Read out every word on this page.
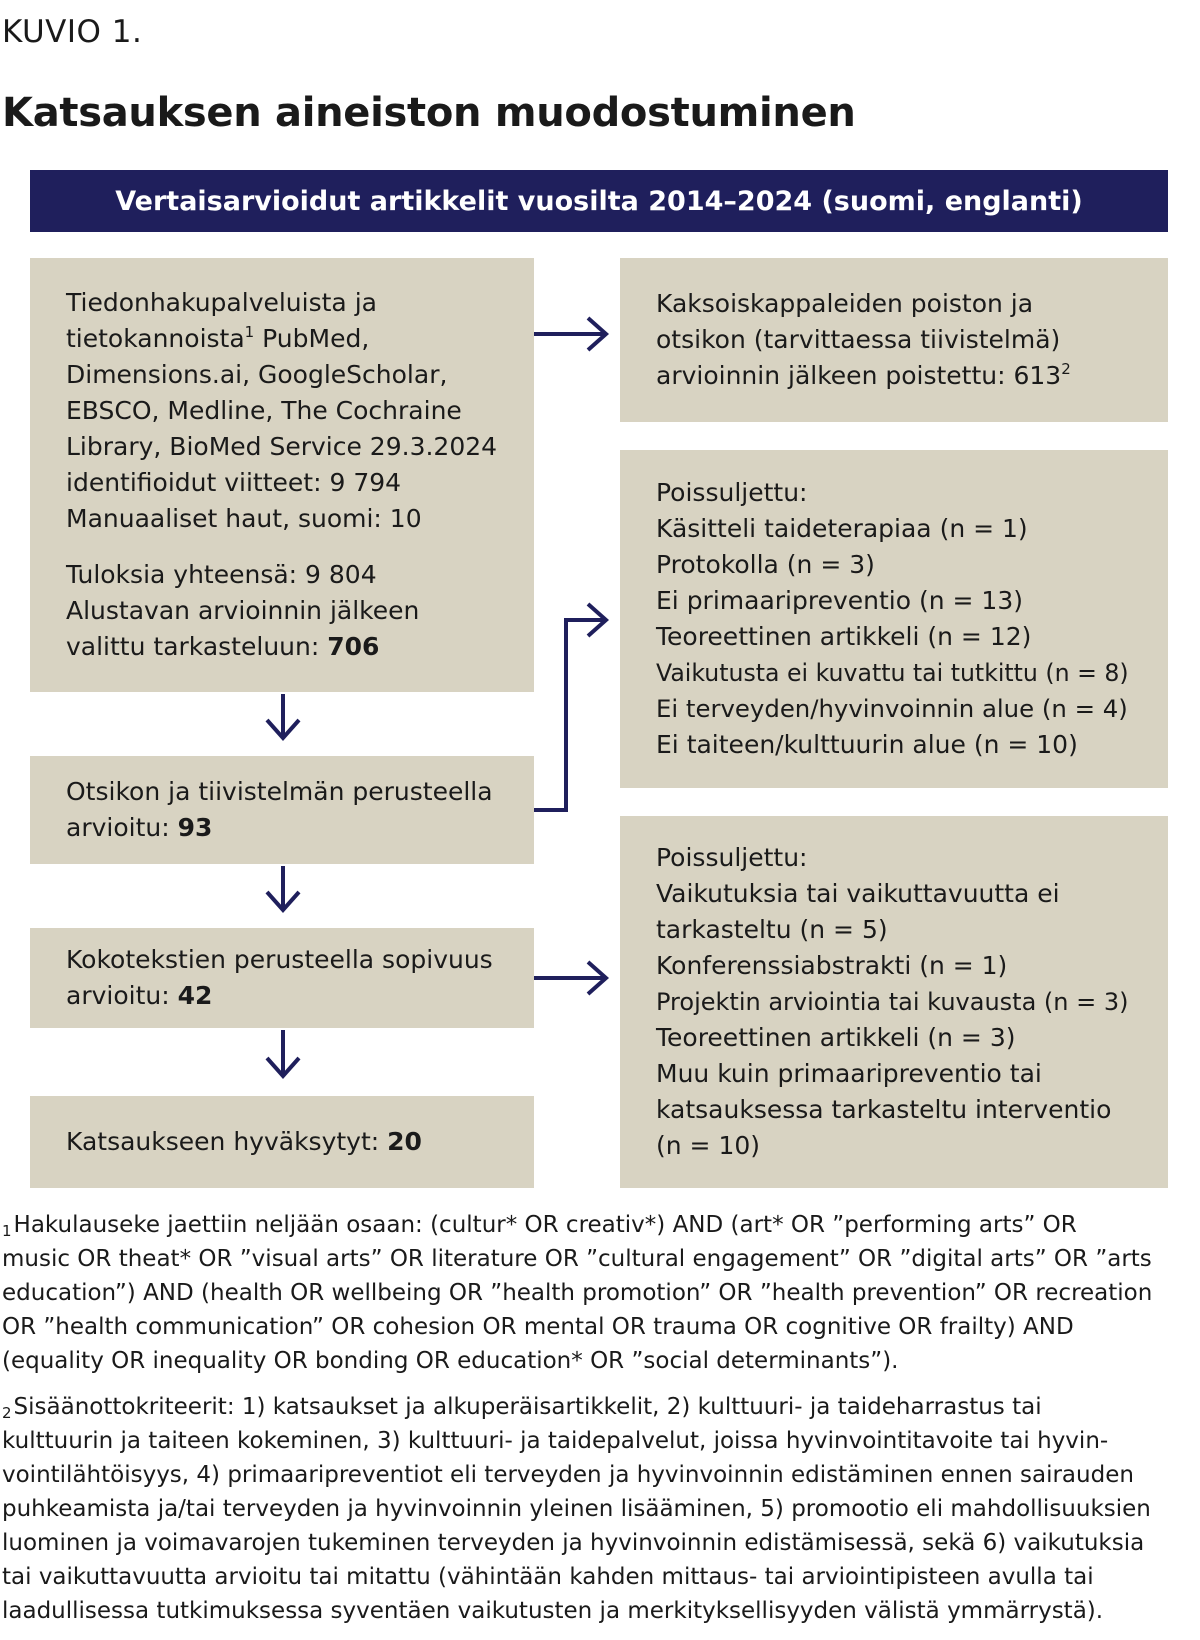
KUVIO 1.
Katsauksen aineiston muodostuminen
Vertaisarvioidut artikkelit vuosilta 2014–2024 (suomi, englanti)
Tiedonhakupalveluista ja
tietokannoista$^1$ PubMed,
Dimensions.ai, GoogleScholar,
EBSCO, Medline, The Cochraine
Library, BioMed Service 29.3.2024
identifioidut viitteet: 9 794
Manuaaliset haut, suomi: 10
Tuloksia yhteensä: 9 804
Alustavan arvioinnin jälkeen
valittu tarkasteluun: 706
Otsikon ja tiivistelmän perusteella
arvioitu: 93
Kokotekstien perusteella sopivuus
arvioitu: 42
Katsaukseen hyväksytyt: 20
Kaksoiskappaleiden poiston ja
otsikon (tarvittaessa tiivistelmä)
arvioinnin jälkeen poistettu: $613^2$
Poissuljettu:
Käsitteli taideterapiaa (n = 1)
Protokolla (n = 3)
Ei primaaripreventio (n = 13)
Teoreettinen artikkeli (n = 12)
Vaikutusta ei kuvattu tai tutkittu (n = 8)
Ei terveyden/hyvinvoinnin alue (n = 4)
Ei taiteen/kulttuurin alue (n = 10)
Poissuljettu:
Vaikutuksia tai vaikuttavuutta ei
tarkasteltu (n = 5)
Konferenssiabstrakti (n = 1)
Projektin arviointia tai kuvausta (n = 3)
Teoreettinen artikkeli (n = 3)
Muu kuin primaaripreventio tai
katsauksessa tarkasteltu interventio
(n = 10)

$^1$Hakulauseke jaettiin neljään osaan: (cultur* OR creativ*) AND (art* OR ”performing arts” OR
music OR theat* OR ”visual arts” OR literature OR ”cultural engagement” OR ”digital arts” OR ”arts
education”) AND (health OR wellbeing OR ”health promotion” OR ”health prevention” OR recreation
OR ”health communication” OR cohesion OR mental OR trauma OR cognitive OR frailty) AND
(equality OR inequality OR bonding OR education* OR ”social determinants”).

$^2$Sisäänottokriteerit: 1) katsaukset ja alkuperäisartikkelit, 2) kulttuuri- ja taideharrastus tai
kulttuurin ja taiteen kokeminen, 3) kulttuuri- ja taidepalvelut, joissa hyvinvointitavoite tai hyvin-
vointilähtöisyys, 4) primaaripreventiot eli terveyden ja hyvinvoinnin edistäminen ennen sairauden
puhkeamista ja/tai terveyden ja hyvinvoinnin yleinen lisääminen, 5) promootio eli mahdollisuuksien
luominen ja voimavarojen tukeminen terveyden ja hyvinvoinnin edistämisessä, sekä 6) vaikutuksia
tai vaikuttavuutta arvioitu tai mitattu (vähintään kahden mittaus- tai arviointipisteen avulla tai
laadullisessa tutkimuksessa syventäen vaikutusten ja merkityksellisyyden välistä ymmärrystä).
